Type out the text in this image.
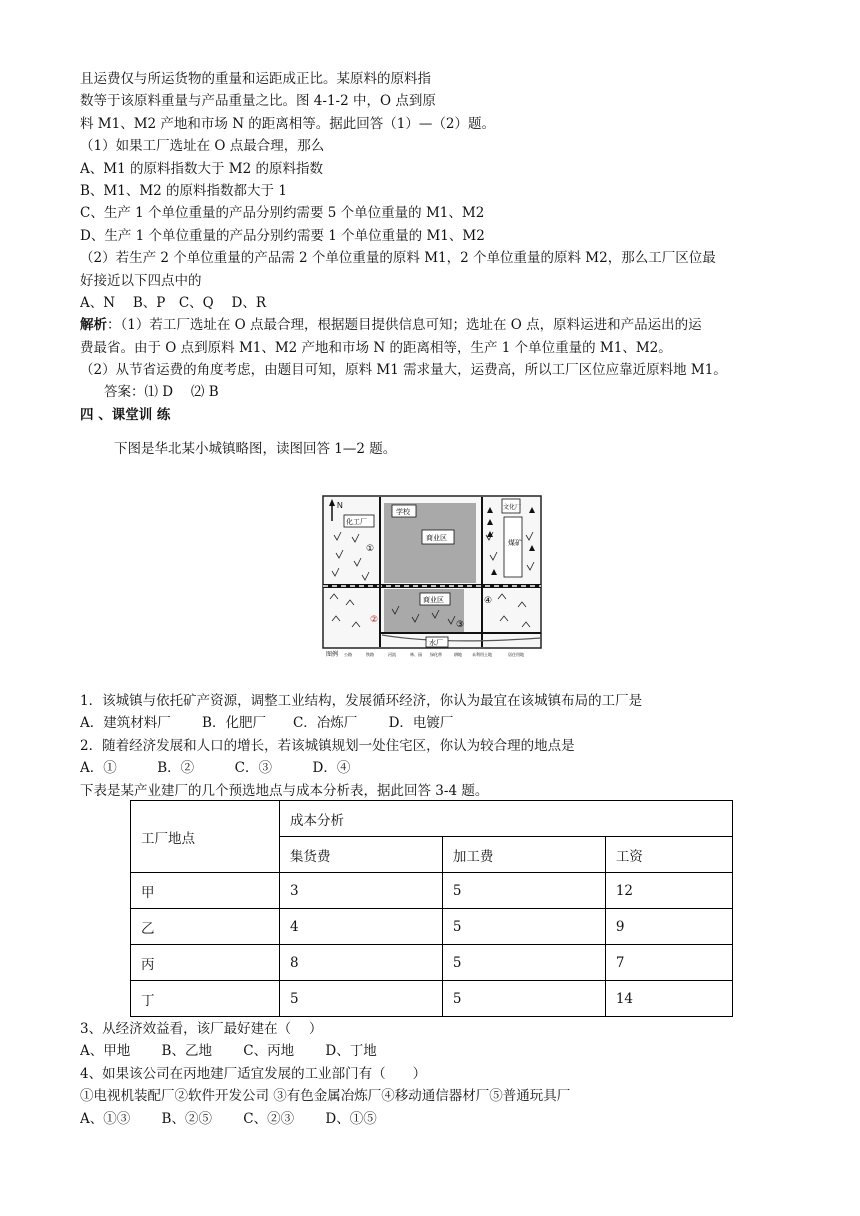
且运费仅与所运货物的重量和运距成正比。某原料的原料指
数等于该原料重量与产品重量之比。图 4-1-2 中，O 点到原
料 M1、M2 产地和市场 N 的距离相等。据此回答（1）—（2）题。
（1）如果工厂选址在 O 点最合理，那么
A、M1 的原料指数大于 M2 的原料指数
B、M1、M2 的原料指数都大于 1
C、生产 1 个单位重量的产品分别约需要 5 个单位重量的 M1、M2
D、生产 1 个单位重量的产品分别约需要 1 个单位重量的 M1、M2
（2）若生产 2 个单位重量的产品需 2 个单位重量的原料 M1，2 个单位重量的原料 M2，那么工厂区位最
好接近以下四点中的
A、N　 B、P　C、Q　 D、R
解析：（1）若工厂选址在 O 点最合理，根据题目提供信息可知；选址在 O 点，原料运进和产品运出的运
费最省。由于 O 点到原料 M1、M2 产地和市场 N 的距离相等，生产 1 个单位重量的 M1、M2。
（2）从节省运费的角度考虑，由题目可知，原料 M1 需求量大，运费高，所以工厂区位应靠近原料地 M1。
答案：⑴ D　 ⑵ B
四 、课堂训 练
下图是华北某小城镇略图，读图回答 1—2 题。
N
化工厂
学校
商业区
商业区
文化厂
煤矿
水厂
①
②	③
④
图例 公路	铁路	河流	林、园 绿化带	耕地	未利用土地	居住用地
1．该城镇与依托矿产资源，调整工业结构，发展循环经济，你认为最宜在该城镇布局的工厂是
A．建筑材料厂　　 B．化肥厂　　C．冶炼厂　　 D．电镀厂
2．随着经济发展和人口的增长，若该城镇规划一处住宅区，你认为较合理的地点是
A．①　　　B．②　　　C．③　　　D．④
下表是某产业建厂的几个预选地点与成本分析表，据此回答 3-4 题。
工厂地点	成本分析		
	集货费	加工费	工资
甲	3	5	12
乙	4	5	9
丙	8	5	7
丁	5	5	14
3、从经济效益看，该厂最好建在（　 ）
A、甲地　　 B、乙地　　 C、丙地　　 D、丁地
4、如果该公司在丙地建厂适宜发展的工业部门有（　　）
①电视机装配厂②软件开发公司 ③有色金属冶炼厂④移动通信器材厂⑤普通玩具厂
A、①③　　 B、②⑤　　 C、②③　　 D、①⑤
